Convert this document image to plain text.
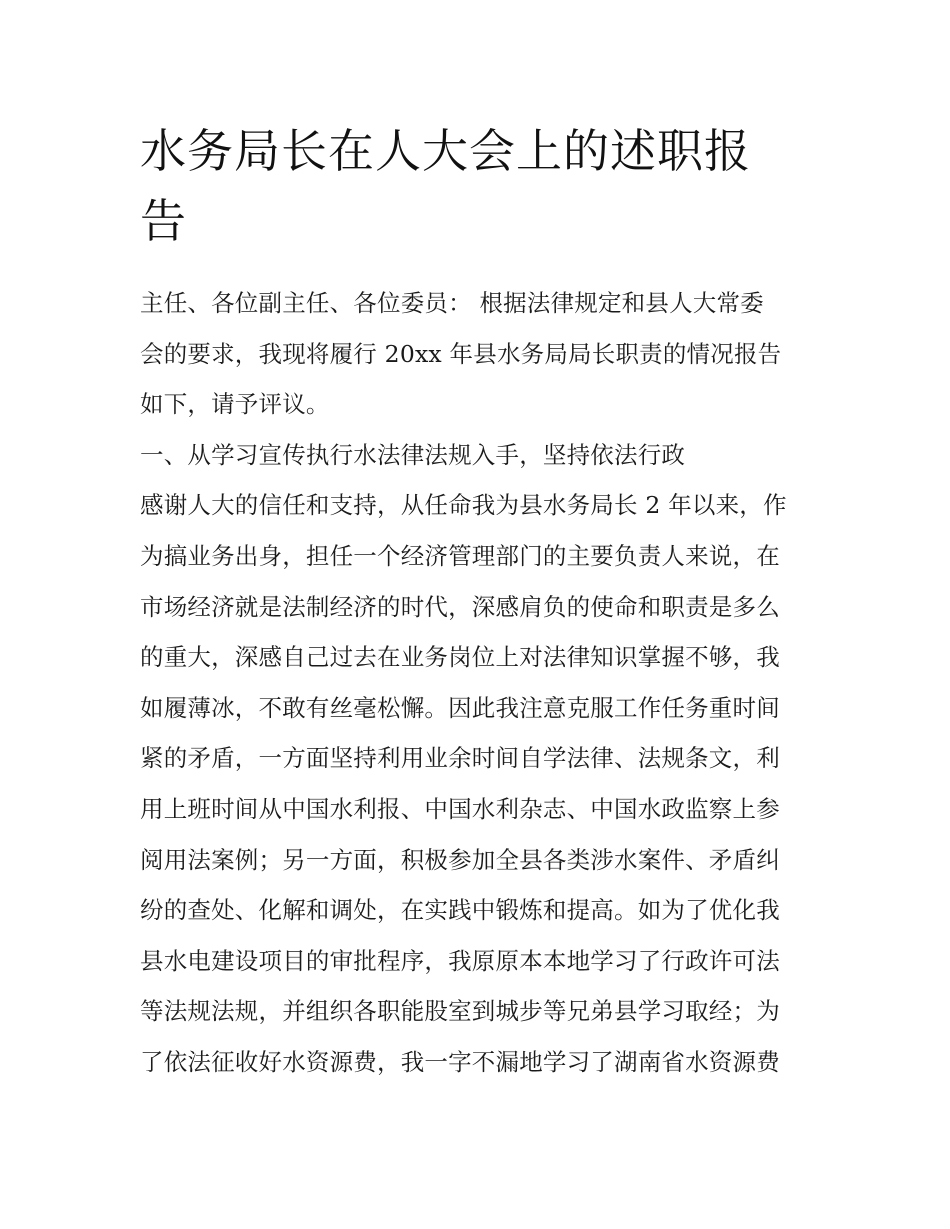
水务局长在人大会上的述职报
告
主任、各位副主任、各位委员： 根据法律规定和县人大常委
会的要求，我现将履行 20xx 年县水务局局长职责的情况报告
如下，请予评议。
一、从学习宣传执行水法律法规入手，坚持依法行政
感谢人大的信任和支持，从任命我为县水务局长 2 年以来，作
为搞业务出身，担任一个经济管理部门的主要负责人来说，在
市场经济就是法制经济的时代，深感肩负的使命和职责是多么
的重大，深感自己过去在业务岗位上对法律知识掌握不够，我
如履薄冰，不敢有丝毫松懈。因此我注意克服工作任务重时间
紧的矛盾，一方面坚持利用业余时间自学法律、法规条文，利
用上班时间从中国水利报、中国水利杂志、中国水政监察上参
阅用法案例；另一方面，积极参加全县各类涉水案件、矛盾纠
纷的查处、化解和调处，在实践中锻炼和提高。如为了优化我
县水电建设项目的审批程序，我原原本本地学习了行政许可法
等法规法规，并组织各职能股室到城步等兄弟县学习取经；为
了依法征收好水资源费，我一字不漏地学习了湖南省水资源费
